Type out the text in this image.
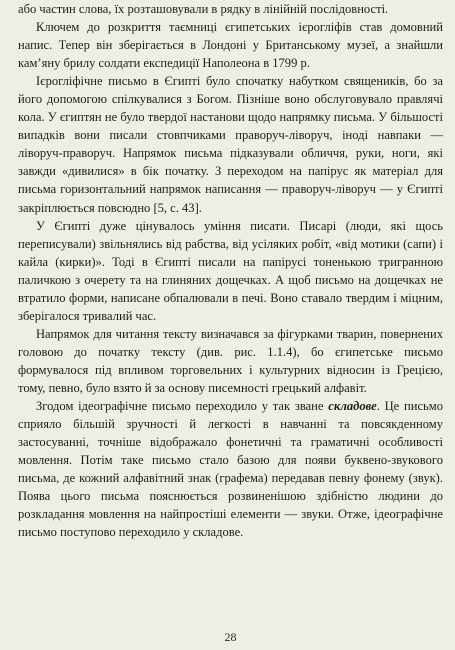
або частин слова, їх розташовували в рядку в лінійній послідовності.

Ключем до розкриття таємниці єгипетських ієрогліфів став домовний напис. Тепер він зберігається в Лондоні у Британському музеї, а знайшли кам’яну брилу солдати експедиції Наполеона в 1799 р.

Ієрогліфічне письмо в Єгипті було спочатку набутком священиків, бо за його допомогою спілкувалися з Богом. Пізніше воно обслуговувало правлячі кола. У єгиптян не було твердої настанови щодо напрямку письма. У більшості випадків вони писали стовпчиками праворуч-ліворуч, іноді навпаки — ліворуч-праворуч. Напрямок письма підказували обличчя, руки, ноги, які завжди «дивилися» в бік початку. З переходом на папірус як матеріал для письма горизонтальний напрямок написання — праворуч-ліворуч — у Єгипті закріплюється повсюдно [5, с. 43].

У Єгипті дуже цінувалось уміння писати. Писарі (люди, які щось переписували) звільнялись від рабства, від усіляких робіт, «від мотики (сапи) і кайла (кирки)». Тоді в Єгипті писали на папірусі тоненькою тригранною паличкою з очерету та на глиняних дощечках. А щоб письмо на дощечках не втратило форми, написане обпалювали в печі. Воно ставало твердим і міцним, зберігалося тривалий час.

Напрямок для читання тексту визначався за фігурками тварин, повернених головою до початку тексту (див. рис. 1.1.4), бо єгипетське письмо формувалося під впливом торговельних і культурних відносин із Грецією, тому, певно, було взято й за основу писемності грецький алфавіт.

Згодом ідеографічне письмо переходило у так зване складове. Це письмо сприяло більшій зручності й легкості в навчанні та повсякденному застосуванні, точніше відображало фонетичні та граматичні особливості мовлення. Потім таке письмо стало базою для появи буквено-звукового письма, де кожний алфавітний знак (графема) передавав певну фонему (звук). Поява цього письма пояснюється розвиненішою здібністю людини до розкладання мовлення на найпростіші елементи — звуки. Отже, ідеографічне письмо поступово переходило у складове.

28
